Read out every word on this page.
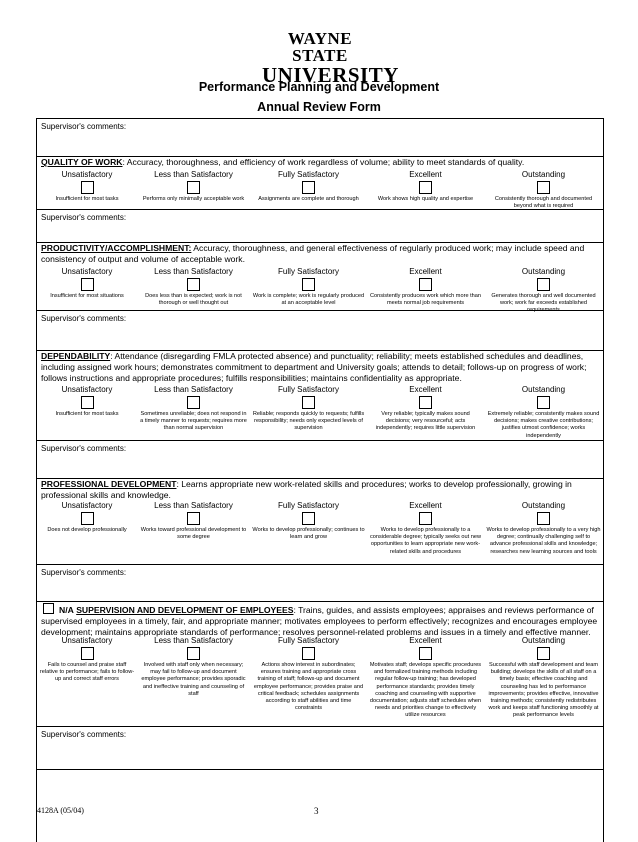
WAYNE STATE
UNIVERSITY
Performance Planning and Development
Annual Review Form
Supervisor's comments:
QUALITY OF WORK: Accuracy, thoroughness, and efficiency of work regardless of volume; ability to meet standards of quality.
Unsatisfactory
Insufficient for most tasks
Less than Satisfactory
Performs only minimally acceptable work
Fully Satisfactory
Assignments are complete and thorough
Excellent
Work shows high quality and expertise
Outstanding
Consistently thorough and documented beyond what is required
Supervisor's comments:
PRODUCTIVITY/ACCOMPLISHMENT: Accuracy, thoroughness, and general effectiveness of regularly produced work; may include speed and consistency of output and volume of acceptable work.
Unsatisfactory
Insufficient for most situations
Less than Satisfactory
Does less than is expected; work is not thorough or well thought out
Fully Satisfactory
Work is complete; work is regularly produced at an acceptable level
Excellent
Consistently produces work which more than meets normal job requirements
Outstanding
Generates thorough and well documented work; work far exceeds established requirements
Supervisor's comments:
DEPENDABILITY: Attendance (disregarding FMLA protected absence) and punctuality; reliability; meets established schedules and deadlines, including assigned work hours; demonstrates commitment to department and University goals; attends to detail; follows-up on progress of work; follows instructions and appropriate procedures; fulfills responsibilities; maintains confidentiality as appropriate.
Unsatisfactory
Insufficient for most tasks
Less than Satisfactory
Sometimes unreliable; does not respond in a timely manner to requests; requires more than normal supervision
Fully Satisfactory
Reliable; responds quickly to requests; fulfills responsibility; needs only expected levels of supervision
Excellent
Very reliable; typically makes sound decisions; very resourceful; acts independently; requires little supervision
Outstanding
Extremely reliable; consistently makes sound decisions; makes creative contributions; justifies utmost confidence; works independently
Supervisor's comments:
PROFESSIONAL DEVELOPMENT: Learns appropriate new work-related skills and procedures; works to develop professionally, growing in professional skills and knowledge.
Unsatisfactory
Does not develop professionally
Less than Satisfactory
Works toward professional development to some degree
Fully Satisfactory
Works to develop professionally; continues to learn and grow
Excellent
Works to develop professionally to a considerable degree; typically seeks out new opportunities to learn appropriate new work-related skills and procedures
Outstanding
Works to develop professionally to a very high degree; continually challenging self to advance professional skills and knowledge; researches new learning sources and tools
Supervisor's comments:
N/A SUPERVISION AND DEVELOPMENT OF EMPLOYEES: Trains, guides, and assists employees; appraises and reviews performance of supervised employees in a timely, fair, and appropriate manner; motivates employees to perform effectively; recognizes and encourages employee development; maintains appropriate standards of performance; resolves personnel-related problems and issues in a timely and effective manner.
Unsatisfactory
Fails to counsel and praise staff relative to performance; fails to follow-up and correct staff errors
Less than Satisfactory
Involved with staff only when necessary; may fail to follow-up and document employee performance; provides sporadic and ineffective training and counseling of staff
Fully Satisfactory
Actions show interest in subordinates; ensures training and appropriate cross training of staff; follows-up and document employee performance; provides praise and critical feedback; schedules assignments according to staff abilities and time constraints
Excellent
Motivates staff; develops specific procedures and formalized training methods including regular follow-up training; has developed performance standards; provides timely coaching and counseling with supportive documentation; adjusts staff schedules when needs and priorities change to effectively utilize resources
Outstanding
Successful with staff development and team building; develops the skills of all staff on a timely basis; effective coaching and counseling has led to performance improvements; provides effective, innovative training methods; consistently redistributes work and keeps staff functioning smoothly at peak performance levels
Supervisor's comments:
4128A (05/04)	3
